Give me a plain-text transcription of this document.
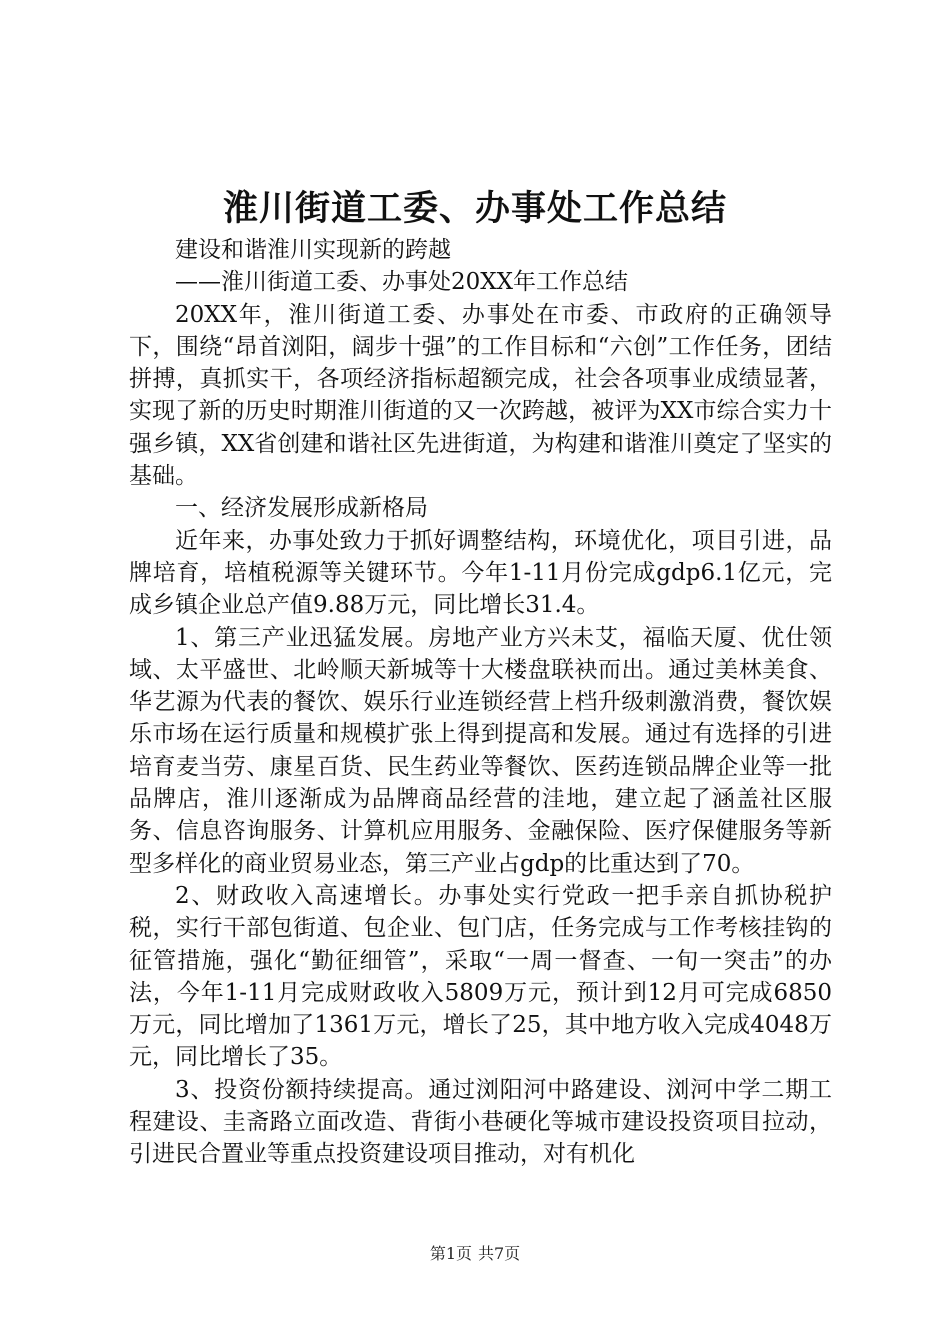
淮川街道工委、办事处工作总结

建设和谐淮川实现新的跨越

——淮川街道工委、办事处20XX年工作总结

20XX年，淮川街道工委、办事处在市委、市政府的正确领导下，围绕“昂首浏阳，阔步十强”的工作目标和“六创”工作任务，团结拼搏，真抓实干，各项经济指标超额完成，社会各项事业成绩显著，实现了新的历史时期淮川街道的又一次跨越，被评为XX市综合实力十强乡镇，XX省创建和谐社区先进街道，为构建和谐淮川奠定了坚实的基础。

一、经济发展形成新格局

近年来，办事处致力于抓好调整结构，环境优化，项目引进，品牌培育，培植税源等关键环节。今年1-11月份完成gdp6.1亿元，完成乡镇企业总产值9.88万元，同比增长31.4。

1、第三产业迅猛发展。房地产业方兴未艾，福临天厦、优仕领域、太平盛世、北岭顺天新城等十大楼盘联袂而出。通过美林美食、华艺源为代表的餐饮、娱乐行业连锁经营上档升级刺激消费，餐饮娱乐市场在运行质量和规模扩张上得到提高和发展。通过有选择的引进培育麦当劳、康星百货、民生药业等餐饮、医药连锁品牌企业等一批品牌店，淮川逐渐成为品牌商品经营的洼地，建立起了涵盖社区服务、信息咨询服务、计算机应用服务、金融保险、医疗保健服务等新型多样化的商业贸易业态，第三产业占gdp的比重达到了70。

2、财政收入高速增长。办事处实行党政一把手亲自抓协税护税，实行干部包街道、包企业、包门店，任务完成与工作考核挂钩的征管措施，强化“勤征细管”，采取“一周一督查、一旬一突击”的办法，今年1-11月完成财政收入5809万元，预计到12月可完成6850万元，同比增加了1361万元，增长了25，其中地方收入完成4048万元，同比增长了35。

3、投资份额持续提高。通过浏阳河中路建设、浏河中学二期工程建设、圭斋路立面改造、背街小巷硬化等城市建设投资项目拉动，引进民合置业等重点投资建设项目推动，对有机化

第1页 共7页
